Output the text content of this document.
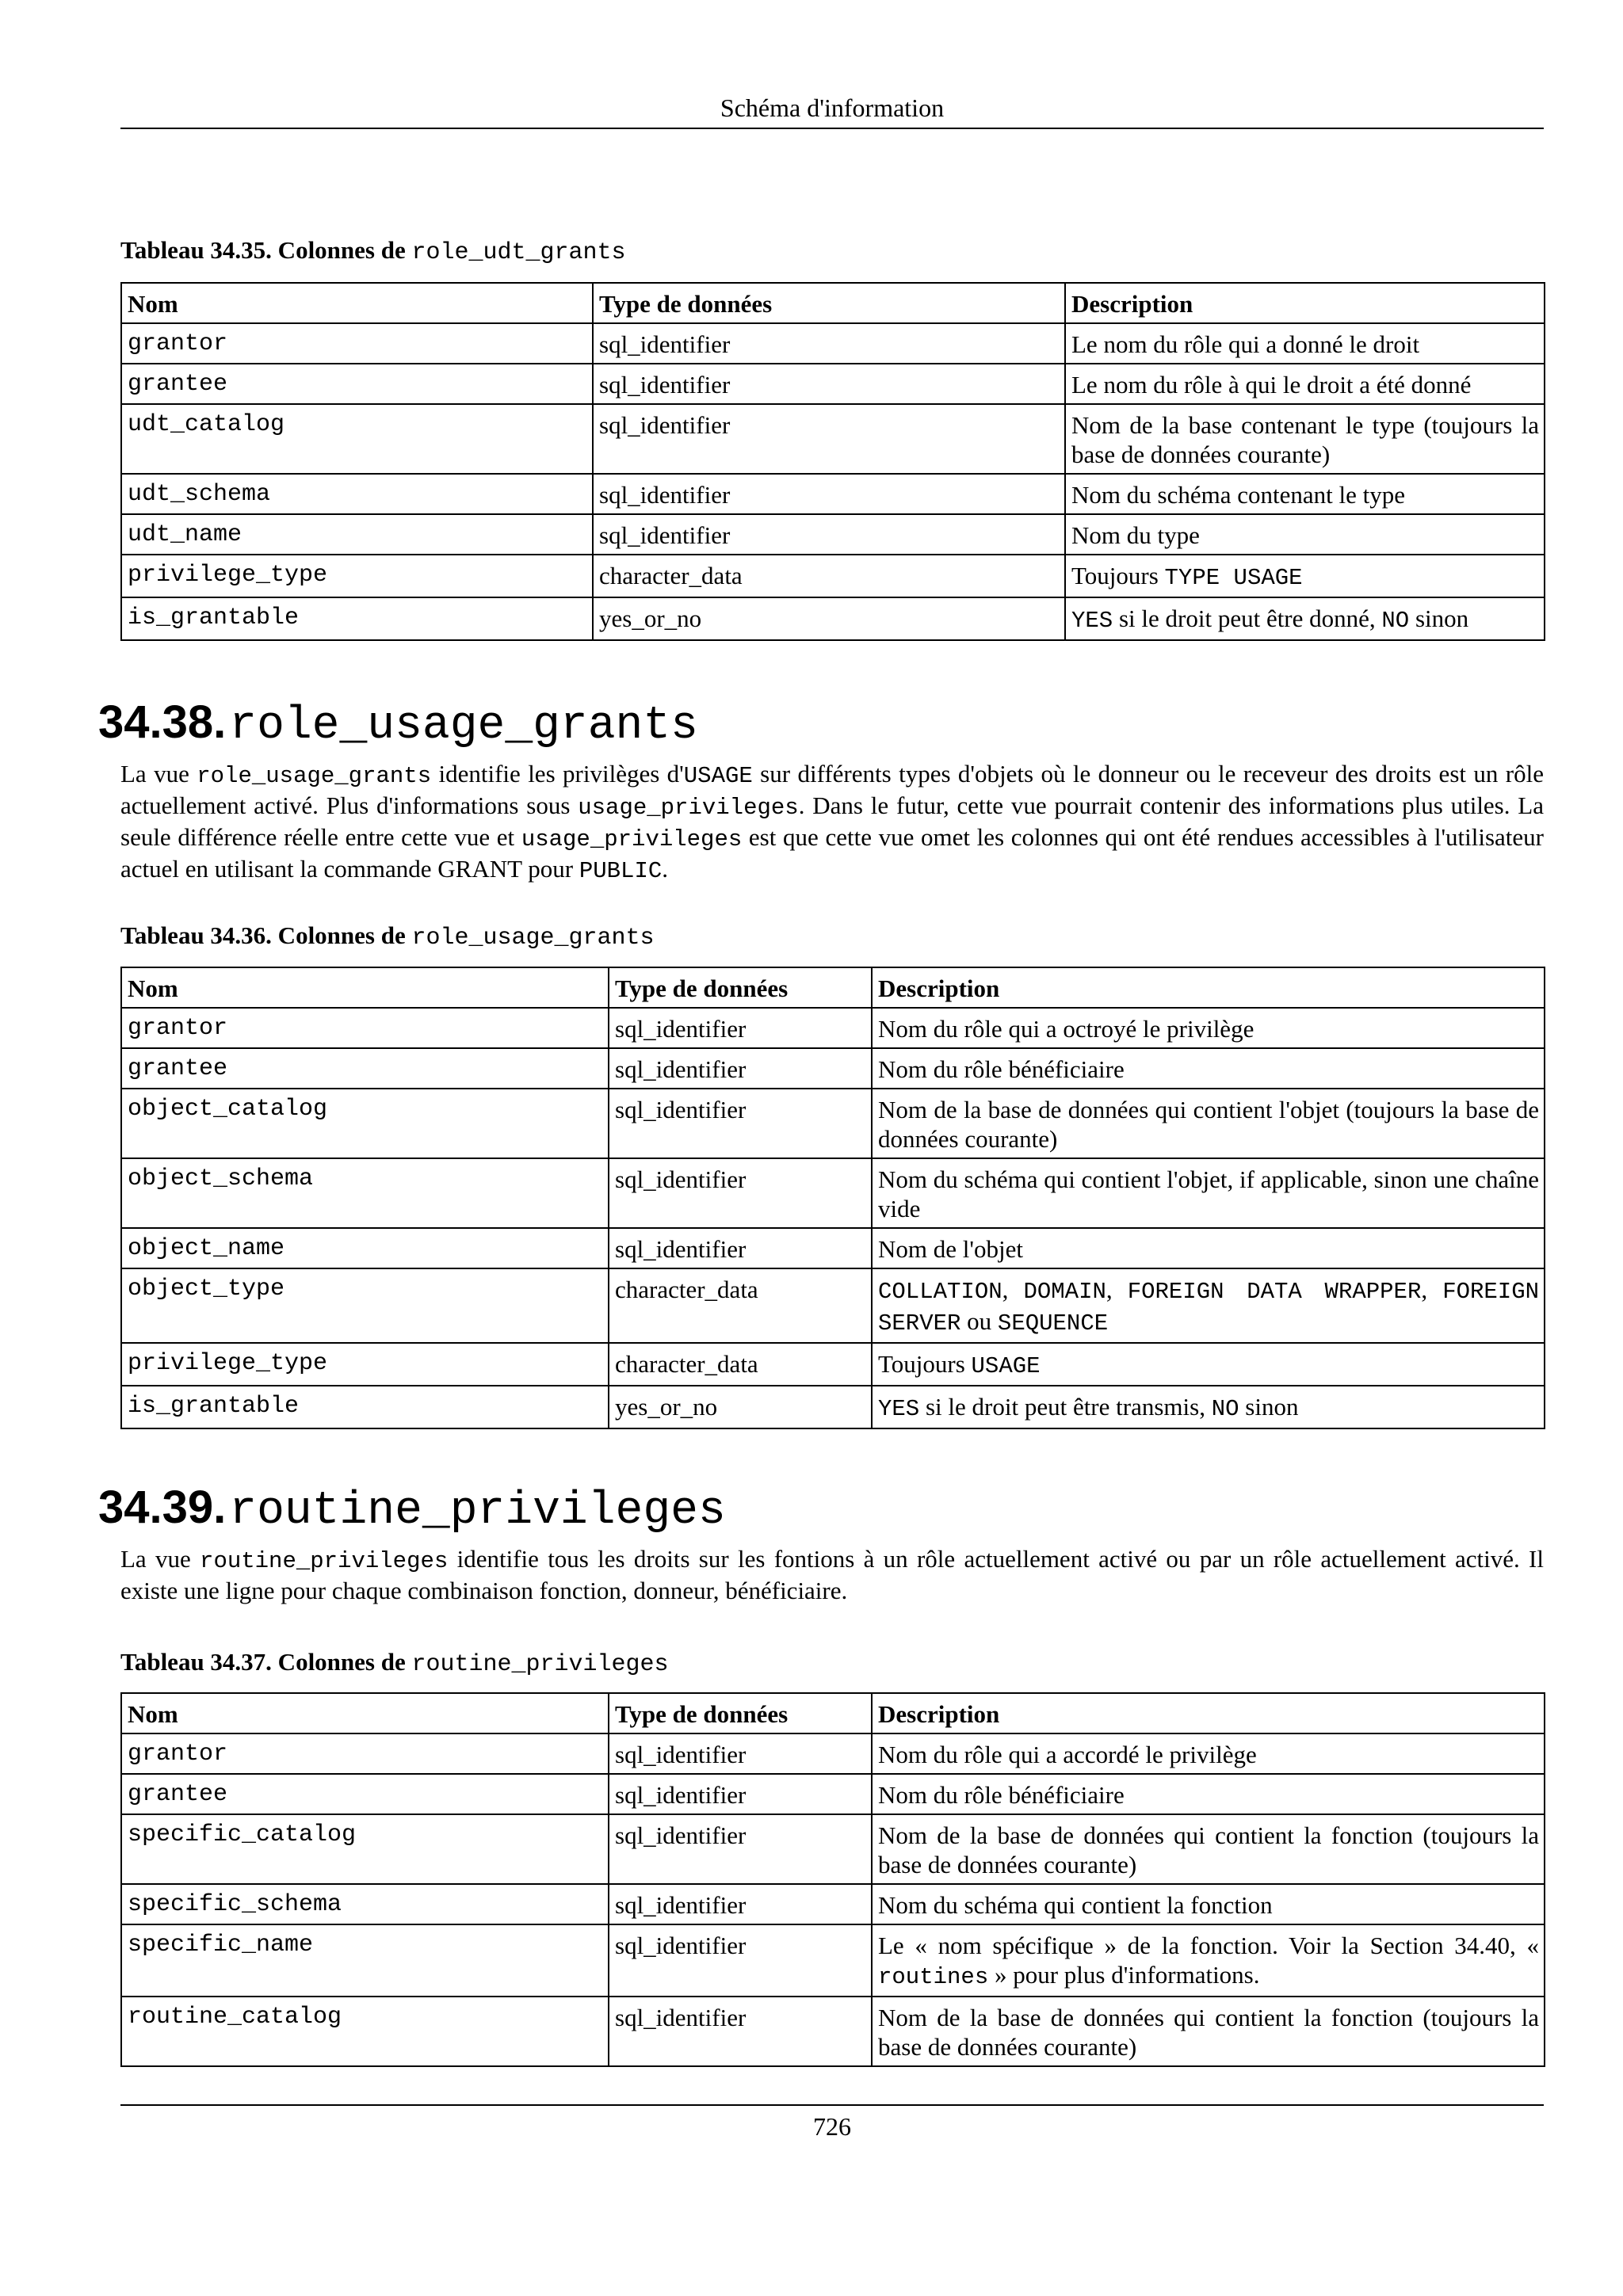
Schéma d'information
Tableau 34.35. Colonnes de role_udt_grants
Nom	Type de données	Description
grantor	sql_identifier	Le nom du rôle qui a donné le droit
grantee	sql_identifier	Le nom du rôle à qui le droit a été donné
udt_catalog	sql_identifier	Nom de la base contenant le type (toujours la base de données courante)
udt_schema	sql_identifier	Nom du schéma contenant le type
udt_name	sql_identifier	Nom du type
privilege_type	character_data	Toujours TYPE USAGE
is_grantable	yes_or_no	YES si le droit peut être donné, NO sinon
34.38. role_usage_grants
La vue role_usage_grants identifie les privilèges d'USAGE sur différents types d'objets où le donneur ou le receveur des droits est un rôle actuellement activé. Plus d'informations sous usage_privileges. Dans le futur, cette vue pourrait contenir des informations plus utiles. La seule différence réelle entre cette vue et usage_privileges est que cette vue omet les colonnes qui ont été rendues accessibles à l'utilisateur actuel en utilisant la commande GRANT pour PUBLIC.
Tableau 34.36. Colonnes de role_usage_grants
Nom	Type de données	Description
grantor	sql_identifier	Nom du rôle qui a octroyé le privilège
grantee	sql_identifier	Nom du rôle bénéficiaire
object_catalog	sql_identifier	Nom de la base de données qui contient l'objet (toujours la base de données courante)
object_schema	sql_identifier	Nom du schéma qui contient l'objet, if applicable, sinon une chaîne vide
object_name	sql_identifier	Nom de l'objet
object_type	character_data	COLLATION, DOMAIN, FOREIGN DATA WRAPPER, FOREIGN SERVER ou SEQUENCE
privilege_type	character_data	Toujours USAGE
is_grantable	yes_or_no	YES si le droit peut être transmis, NO sinon
34.39. routine_privileges
La vue routine_privileges identifie tous les droits sur les fontions à un rôle actuellement activé ou par un rôle actuellement activé. Il existe une ligne pour chaque combinaison fonction, donneur, bénéficiaire.
Tableau 34.37. Colonnes de routine_privileges
Nom	Type de données	Description
grantor	sql_identifier	Nom du rôle qui a accordé le privilège
grantee	sql_identifier	Nom du rôle bénéficiaire
specific_catalog	sql_identifier	Nom de la base de données qui contient la fonction (toujours la base de données courante)
specific_schema	sql_identifier	Nom du schéma qui contient la fonction
specific_name	sql_identifier	Le « nom spécifique » de la fonction. Voir la Section 34.40, « routines » pour plus d'informations.
routine_catalog	sql_identifier	Nom de la base de données qui contient la fonction (toujours la base de données courante)
726
